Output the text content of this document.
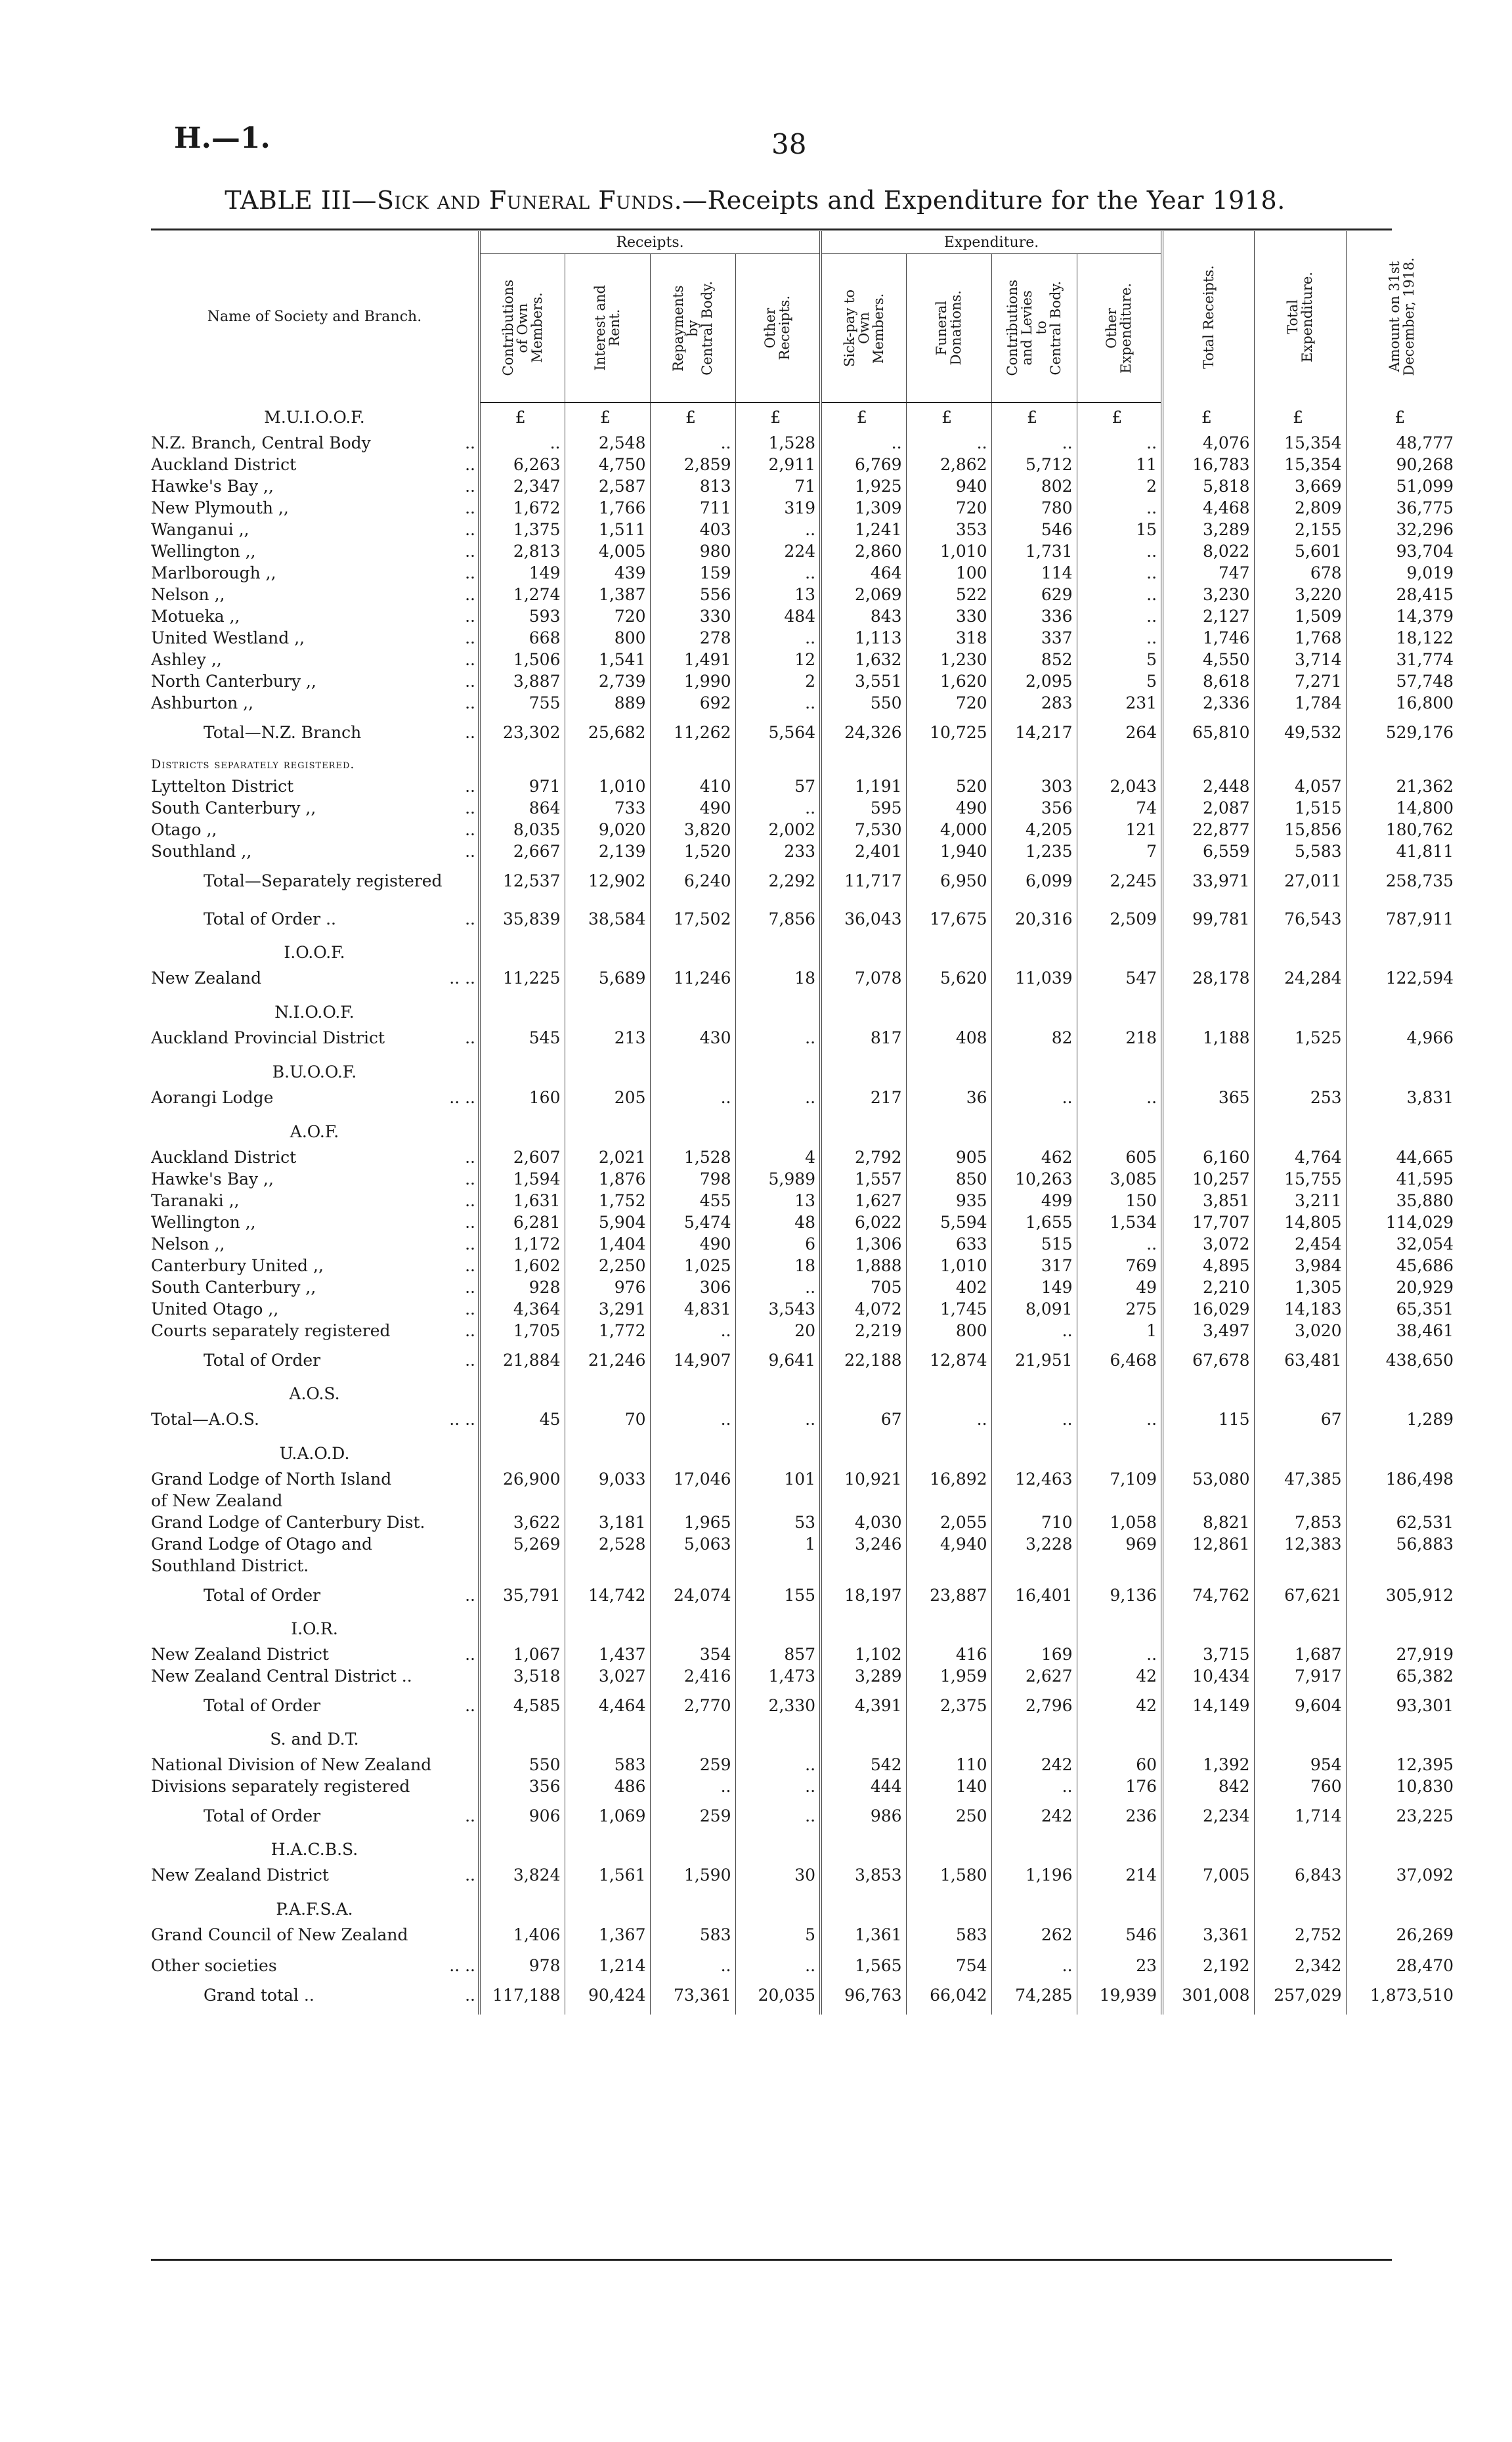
H.—1.	38
TABLE III—Sick and Funeral Funds.—Receipts and Expenditure for the Year 1918.
Name of Society and Branch.	Receipts.				Expenditure.				Total Receipts.	Total
Expenditure.	Amount on 31st
December, 1918.

	Contributions
of Own
Members.	Interest and
Rent.	Repayments
by
Central Body.	Other
Receipts.	Sick-pay to
Own
Members.	Funeral
Donations.	Contributions
and Levies
to
Central Body.	Other
Expenditure.			

M.U.I.O.O.F.	£	£	£	£	£	£	£	£	£	£	£

..
N.Z. Branch, Central Body	..	2,548	..	1,528	..	..	..	..	4,076	15,354	48,777

..
Auckland District	6,263	4,750	2,859	2,911	6,769	2,862	5,712	11	16,783	15,354	90,268

..
Hawke's Bay ,,	2,347	2,587	813	71	1,925	940	802	2	5,818	3,669	51,099

..
New Plymouth ,,	1,672	1,766	711	319	1,309	720	780	..	4,468	2,809	36,775

..
Wanganui ,,	1,375	1,511	403	..	1,241	353	546	15	3,289	2,155	32,296

..
Wellington ,,	2,813	4,005	980	224	2,860	1,010	1,731	..	8,022	5,601	93,704

..
Marlborough ,,	149	439	159	..	464	100	114	..	747	678	9,019

..
Nelson ,,	1,274	1,387	556	13	2,069	522	629	..	3,230	3,220	28,415

..
Motueka ,,	593	720	330	484	843	330	336	..	2,127	1,509	14,379

..
United Westland ,,	668	800	278	..	1,113	318	337	..	1,746	1,768	18,122

..
Ashley ,,	1,506	1,541	1,491	12	1,632	1,230	852	5	4,550	3,714	31,774

..
North Canterbury ,,	3,887	2,739	1,990	2	3,551	1,620	2,095	5	8,618	7,271	57,748

..
Ashburton ,,	755	889	692	..	550	720	283	231	2,336	1,784	16,800

..
Total—N.Z. Branch	23,302	25,682	11,262	5,564	24,326	10,725	14,217	264	65,810	49,532	529,176
Districts separately registered.											

..
Lyttelton District	971	1,010	410	57	1,191	520	303	2,043	2,448	4,057	21,362

..
South Canterbury ,,	864	733	490	..	595	490	356	74	2,087	1,515	14,800

..
Otago ,,	8,035	9,020	3,820	2,002	7,530	4,000	4,205	121	22,877	15,856	180,762

..
Southland ,,	2,667	2,139	1,520	233	2,401	1,940	1,235	7	6,559	5,583	41,811
Total—Separately registered	12,537	12,902	6,240	2,292	11,717	6,950	6,099	2,245	33,971	27,011	258,735

..
Total of Order ..	35,839	38,584	17,502	7,856	36,043	17,675	20,316	2,509	99,781	76,543	787,911
I.O.O.F.											

.. ..
New Zealand	11,225	5,689	11,246	18	7,078	5,620	11,039	547	28,178	24,284	122,594

N.I.O.O.F.											

..
Auckland Provincial District	545	213	430	..	817	408	82	218	1,188	1,525	4,966

B.U.O.O.F.											

.. ..
Aorangi Lodge	160	205	..	..	217	36	..	..	365	253	3,831

A.O.F.											

..
Auckland District	2,607	2,021	1,528	4	2,792	905	462	605	6,160	4,764	44,665

..
Hawke's Bay ,,	1,594	1,876	798	5,989	1,557	850	10,263	3,085	10,257	15,755	41,595

..
Taranaki ,,	1,631	1,752	455	13	1,627	935	499	150	3,851	3,211	35,880

..
Wellington ,,	6,281	5,904	5,474	48	6,022	5,594	1,655	1,534	17,707	14,805	114,029

..
Nelson ,,	1,172	1,404	490	6	1,306	633	515	..	3,072	2,454	32,054

..
Canterbury United ,,	1,602	2,250	1,025	18	1,888	1,010	317	769	4,895	3,984	45,686

..
South Canterbury ,,	928	976	306	..	705	402	149	49	2,210	1,305	20,929

..
United Otago ,,	4,364	3,291	4,831	3,543	4,072	1,745	8,091	275	16,029	14,183	65,351

..
Courts separately registered	1,705	1,772	..	20	2,219	800	..	1	3,497	3,020	38,461

..
Total of Order	21,884	21,246	14,907	9,641	22,188	12,874	21,951	6,468	67,678	63,481	438,650
A.O.S.											

.. ..
Total—A.O.S.	45	70	..	..	67	..	..	..	115	67	1,289

U.A.O.D.											
Grand Lodge of North Island	26,900	9,033	17,046	101	10,921	16,892	12,463	7,109	53,080	47,385	186,498
of New Zealand											
Grand Lodge of Canterbury Dist.	3,622	3,181	1,965	53	4,030	2,055	710	1,058	8,821	7,853	62,531
Grand Lodge of Otago and	5,269	2,528	5,063	1	3,246	4,940	3,228	969	12,861	12,383	56,883
Southland District.											

..
Total of Order	35,791	14,742	24,074	155	18,197	23,887	16,401	9,136	74,762	67,621	305,912
I.O.R.											

..
New Zealand District	1,067	1,437	354	857	1,102	416	169	..	3,715	1,687	27,919
New Zealand Central District ..	3,518	3,027	2,416	1,473	3,289	1,959	2,627	42	10,434	7,917	65,382

..
Total of Order	4,585	4,464	2,770	2,330	4,391	2,375	2,796	42	14,149	9,604	93,301
S. and D.T.											
National Division of New Zealand	550	583	259	..	542	110	242	60	1,392	954	12,395
Divisions separately registered	356	486	..	..	444	140	..	176	842	760	10,830

..
Total of Order	906	1,069	259	..	986	250	242	236	2,234	1,714	23,225
H.A.C.B.S.											

..
New Zealand District	3,824	1,561	1,590	30	3,853	1,580	1,196	214	7,005	6,843	37,092

P.A.F.S.A.											
Grand Council of New Zealand	1,406	1,367	583	5	1,361	583	262	546	3,361	2,752	26,269

.. ..
Other societies	978	1,214	..	..	1,565	754	..	23	2,192	2,342	28,470

..
Grand total ..	117,188	90,424	73,361	20,035	96,763	66,042	74,285	19,939	301,008	257,029	1,873,510
